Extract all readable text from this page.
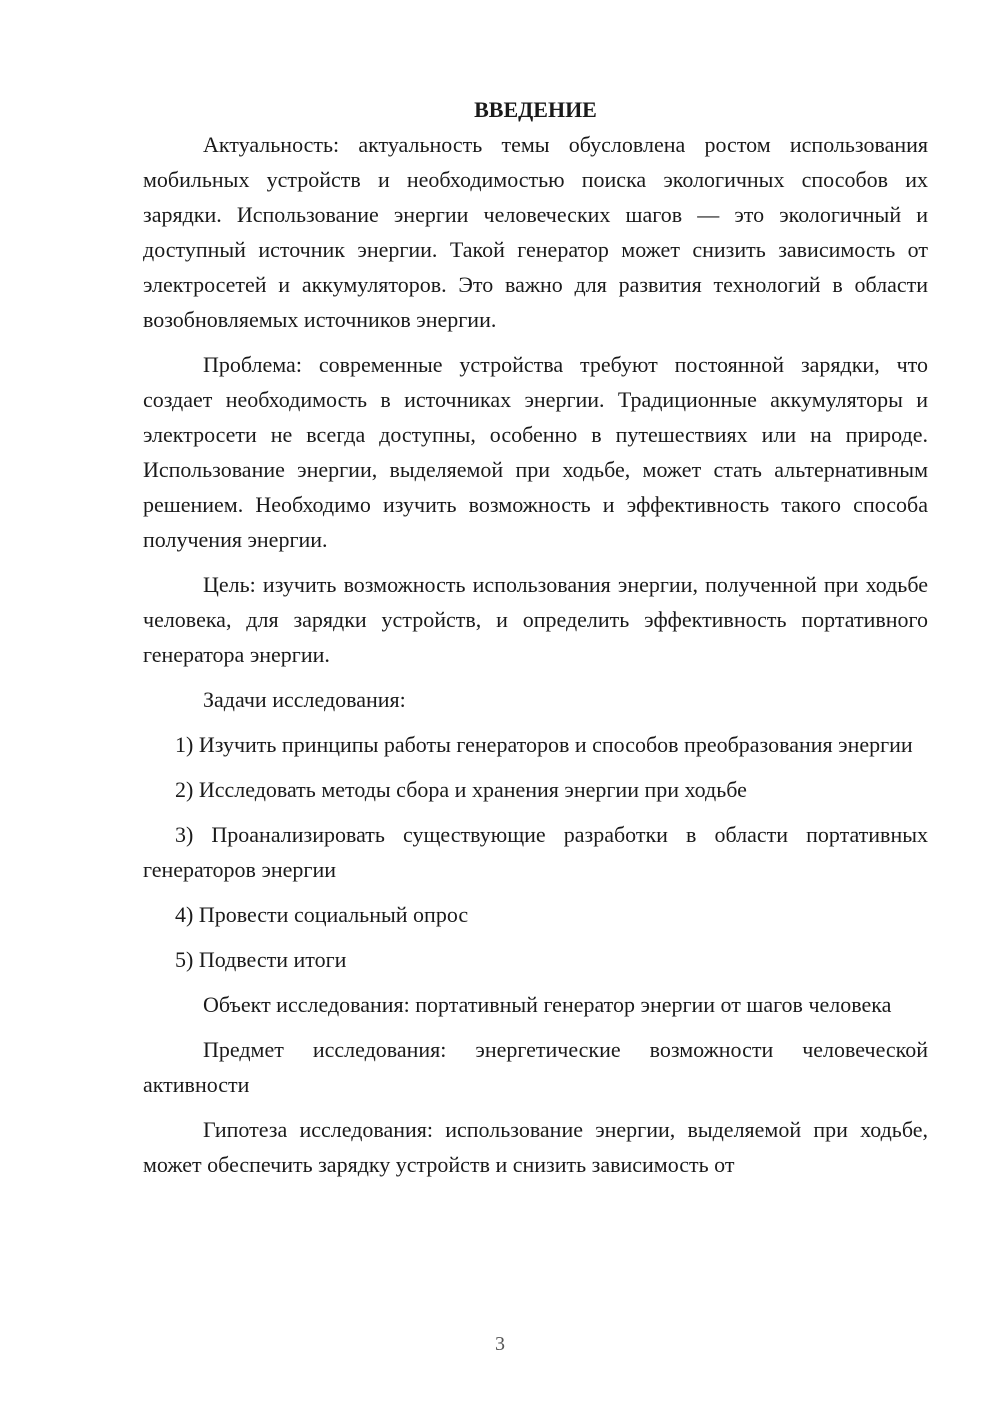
ВВЕДЕНИЕ

Актуальность: актуальность темы обусловлена ростом использования мобильных устройств и необходимостью поиска экологичных способов их зарядки. Использование энергии человеческих шагов — это экологичный и доступный источник энергии. Такой генератор может снизить зависимость от электросетей и аккумуляторов. Это важно для развития технологий в области возобновляемых источников энергии.

Проблема: современные устройства требуют постоянной зарядки, что создает необходимость в источниках энергии. Традиционные аккумуляторы и электросети не всегда доступны, особенно в путешествиях или на природе. Использование энергии, выделяемой при ходьбе, может стать альтернативным решением. Необходимо изучить возможность и эффективность такого способа получения энергии.

Цель: изучить возможность использования энергии, полученной при ходьбе человека, для зарядки устройств, и определить эффективность портативного генератора энергии.

Задачи исследования:

1) Изучить принципы работы генераторов и способов преобразования энергии

2) Исследовать методы сбора и хранения энергии при ходьбе

3) Проанализировать существующие разработки в области портативных генераторов энергии

4) Провести социальный опрос

5) Подвести итоги

Объект исследования: портативный генератор энергии от шагов человека

Предмет исследования: энергетические возможности человеческой активности

Гипотеза исследования: использование энергии, выделяемой при ходьбе, может обеспечить зарядку устройств и снизить зависимость от

3
